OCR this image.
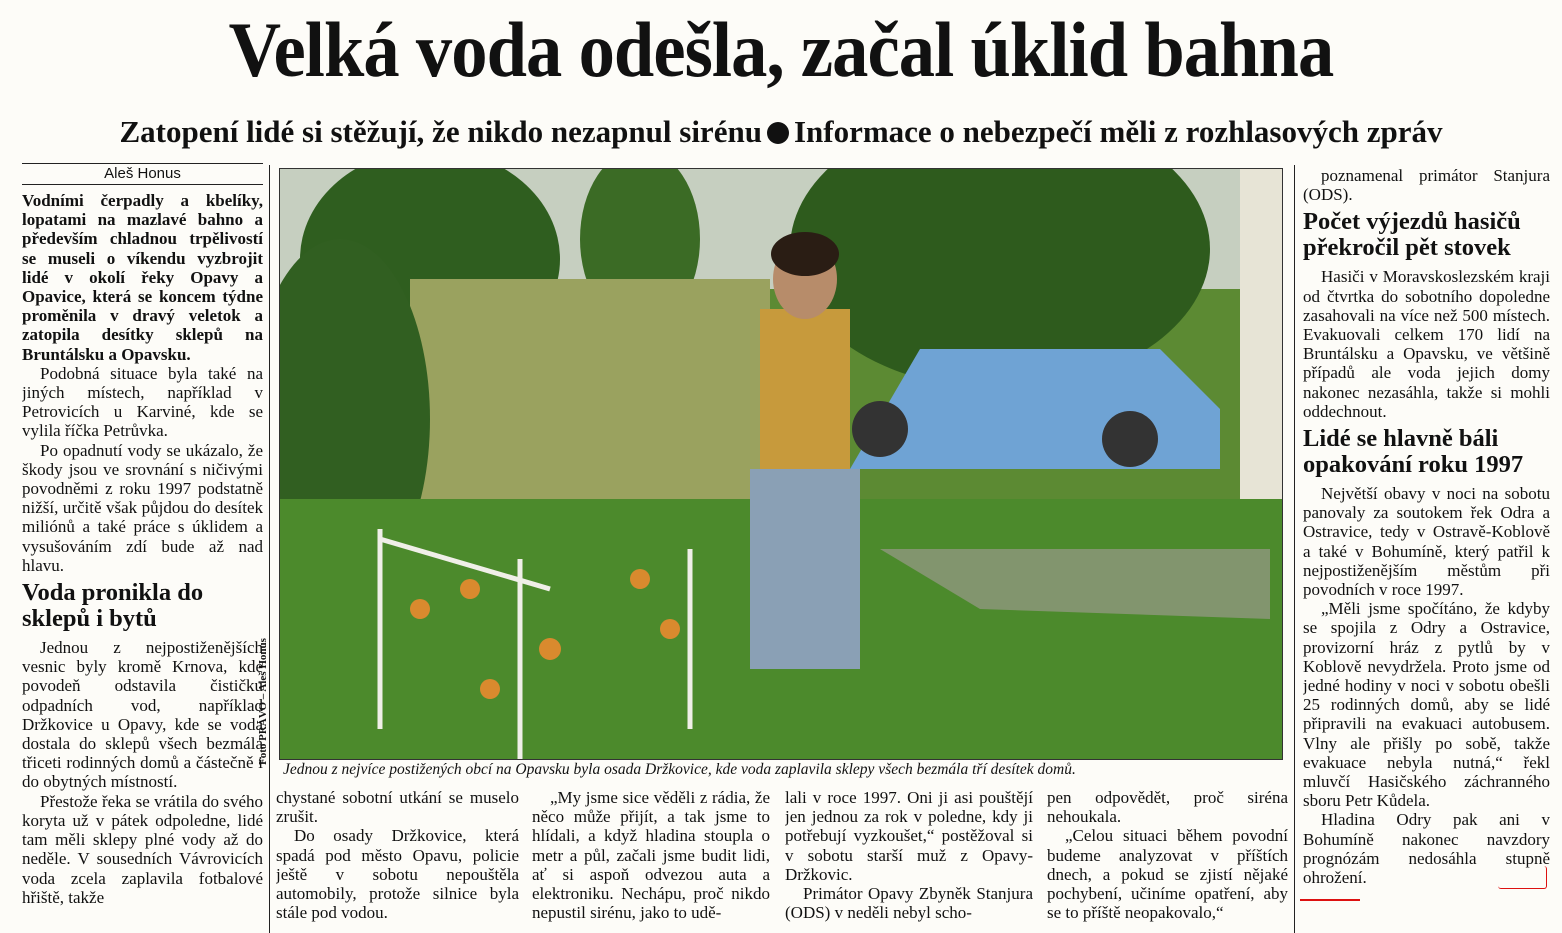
Velká voda odešla, začal úklid bahna
Zatopení lidé si stěžují, že nikdo nezapnul sirénu Informace o nebezpečí měli z rozhlasových zpráv
Aleš Honus

Vodními čerpadly a kbelíky, lopatami na mazlavé bahno a především chladnou trpělivostí se museli o víkendu vyzbrojit lidé v okolí řeky Opavy a Opavice, která se koncem týdne proměnila v dravý veletok a zatopila desítky sklepů na Bruntálsku a Opavsku.

Podobná situace byla také na jiných místech, například v Petrovicích u Karviné, kde se vylila říčka Petrůvka.

Po opadnutí vody se ukázalo, že škody jsou ve srovnání s ničivými povodněmi z roku 1997 podstatně nižší, určitě však půjdou do desítek miliónů a také práce s úklidem a vysušováním zdí bude až nad hlavu.

Voda pronikla do sklepů i bytů

Jednou z nejpostiženějších vesnic byly kromě Krnova, kde povodeň odstavila čističku odpadních vod, například Držkovice u Opavy, kde se voda dostala do sklepů všech bezmála třiceti rodinných domů a částečně i do obytných místností.

Přestože řeka se vrátila do svého koryta už v pátek odpoledne, lidé tam měli sklepy plné vody až do neděle. V sousedních Vávrovicích voda zcela zaplavila fotbalové hřiště, takže

Foto PRÁVO – Aleš Honus
Jednou z nejvíce postižených obcí na Opavsku byla osada Držkovice, kde voda zaplavila sklepy všech bezmála tří desítek domů.

chystané sobotní utkání se muselo zrušit.

Do osady Držkovice, která spadá pod město Opavu, policie ještě v sobotu nepouštěla automobily, protože silnice byla stále pod vodou.

„My jsme sice věděli z rádia, že něco může přijít, a tak jsme to hlídali, a když hladina stoupla o metr a půl, začali jsme budit lidi, ať si aspoň odvezou auta a elektroniku. Nechápu, proč nikdo nepustil sirénu, jako to udě-

lali v roce 1997. Oni ji asi pouštějí jen jednou za rok v poledne, kdy ji potřebují vyzkoušet,“ postěžoval si v sobotu starší muž z Opavy-Držkovic.

Primátor Opavy Zbyněk Stanjura (ODS) v neděli nebyl scho-

pen odpovědět, proč siréna nehoukala.

„Celou situaci během povodní budeme analyzovat v příštích dnech, a pokud se zjistí nějaké pochybení, učiníme opatření, aby se to příště neopakovalo,“

poznamenal primátor Stanjura (ODS).

Počet výjezdů hasičů překročil pět stovek

Hasiči v Moravskoslezském kraji od čtvrtka do sobotního dopoledne zasahovali na více než 500 místech. Evakuovali celkem 170 lidí na Bruntálsku a Opavsku, ve většině případů ale voda jejich domy nakonec nezasáhla, takže si mohli oddechnout.

Lidé se hlavně báli opakování roku 1997

Největší obavy v noci na sobotu panovaly za soutokem řek Odra a Ostravice, tedy v Ostravě-Koblově a také v Bohumíně, který patřil k nejpostiženějším městům při povodních v roce 1997.

„Měli jsme spočítáno, že kdyby se spojila z Odry a Ostravice, provizorní hráz z pytlů by v Koblově nevydržela. Proto jsme od jedné hodiny v noci v sobotu obešli 25 rodinných domů, aby se lidé připravili na evakuaci autobusem. Vlny ale přišly po sobě, takže evakuace nebyla nutná,“ řekl mluvčí Hasičského záchranného sboru Petr Kůdela.

Hladina Odry pak ani v Bohumíně nakonec navzdory prognózám nedosáhla stupně ohrožení.
